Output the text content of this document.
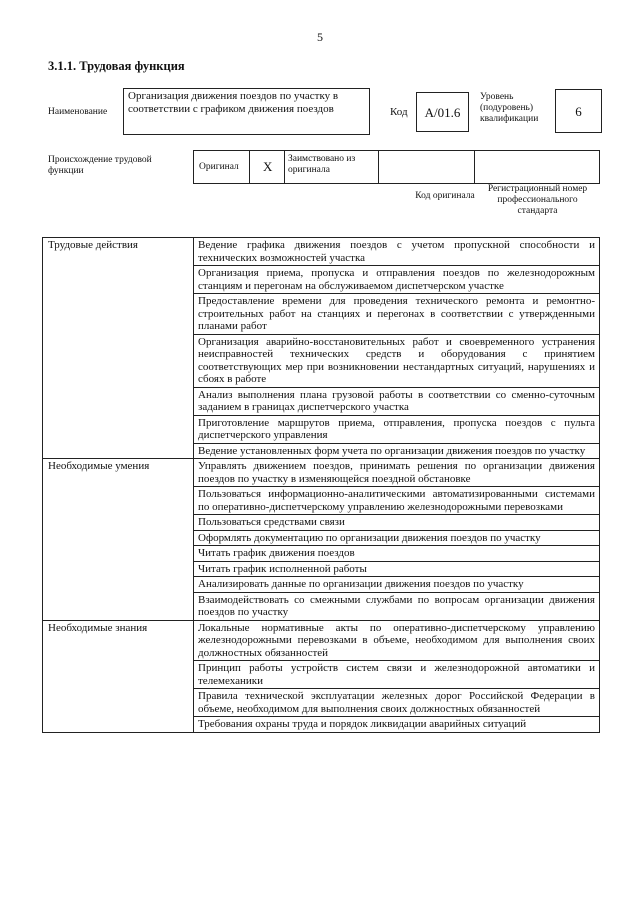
5
3.1.1. Трудовая функция
Наименование
Организация движения поездов по участку в соответствии с графиком движения поездов	Код	А/01.6
Уровень (подуровень) квалификации	6
Происхождение трудовой функции	Оригинал X Заимствовано из оригинала
Код оригинала
Регистрационный номер профессионального стандарта
Трудовые действия	Ведение графика движения поездов с учетом пропускной способности и технических возможностей участка
	Организация приема, пропуска и отправления поездов по железнодорожным станциям и перегонам на обслуживаемом диспетчерском участке
	Предоставление времени для проведения технического ремонта и ремонтно-строительных работ на станциях и перегонах в соответствии с утвержденными планами работ
	Организация аварийно-восстановительных работ и своевременного устранения неисправностей технических средств и оборудования с принятием соответствующих мер при возникновении нестандартных ситуаций, нарушениях и сбоях в работе
	Анализ выполнения плана грузовой работы в соответствии со сменно-суточным заданием в границах диспетчерского участка
	Приготовление маршрутов приема, отправления, пропуска поездов с пульта диспетчерского управления
	Ведение установленных форм учета по организации движения поездов по участку
Необходимые умения	Управлять движением поездов, принимать решения по организации движения поездов по участку в изменяющейся поездной обстановке
	Пользоваться информационно-аналитическими автоматизированными системами по оперативно-диспетчерскому управлению железнодорожными перевозками
	Пользоваться средствами связи
	Оформлять документацию по организации движения поездов по участку
	Читать график движения поездов
	Читать график исполненной работы
	Анализировать данные по организации движения поездов по участку
	Взаимодействовать со смежными службами по вопросам организации движения поездов по участку
Необходимые знания	Локальные нормативные акты по оперативно-диспетчерскому управлению железнодорожными перевозками в объеме, необходимом для выполнения своих должностных обязанностей
	Принцип работы устройств систем связи и железнодорожной автоматики и телемеханики
	Правила технической эксплуатации железных дорог Российской Федерации в объеме, необходимом для выполнения своих должностных обязанностей
	Требования охраны труда и порядок ликвидации аварийных ситуаций
